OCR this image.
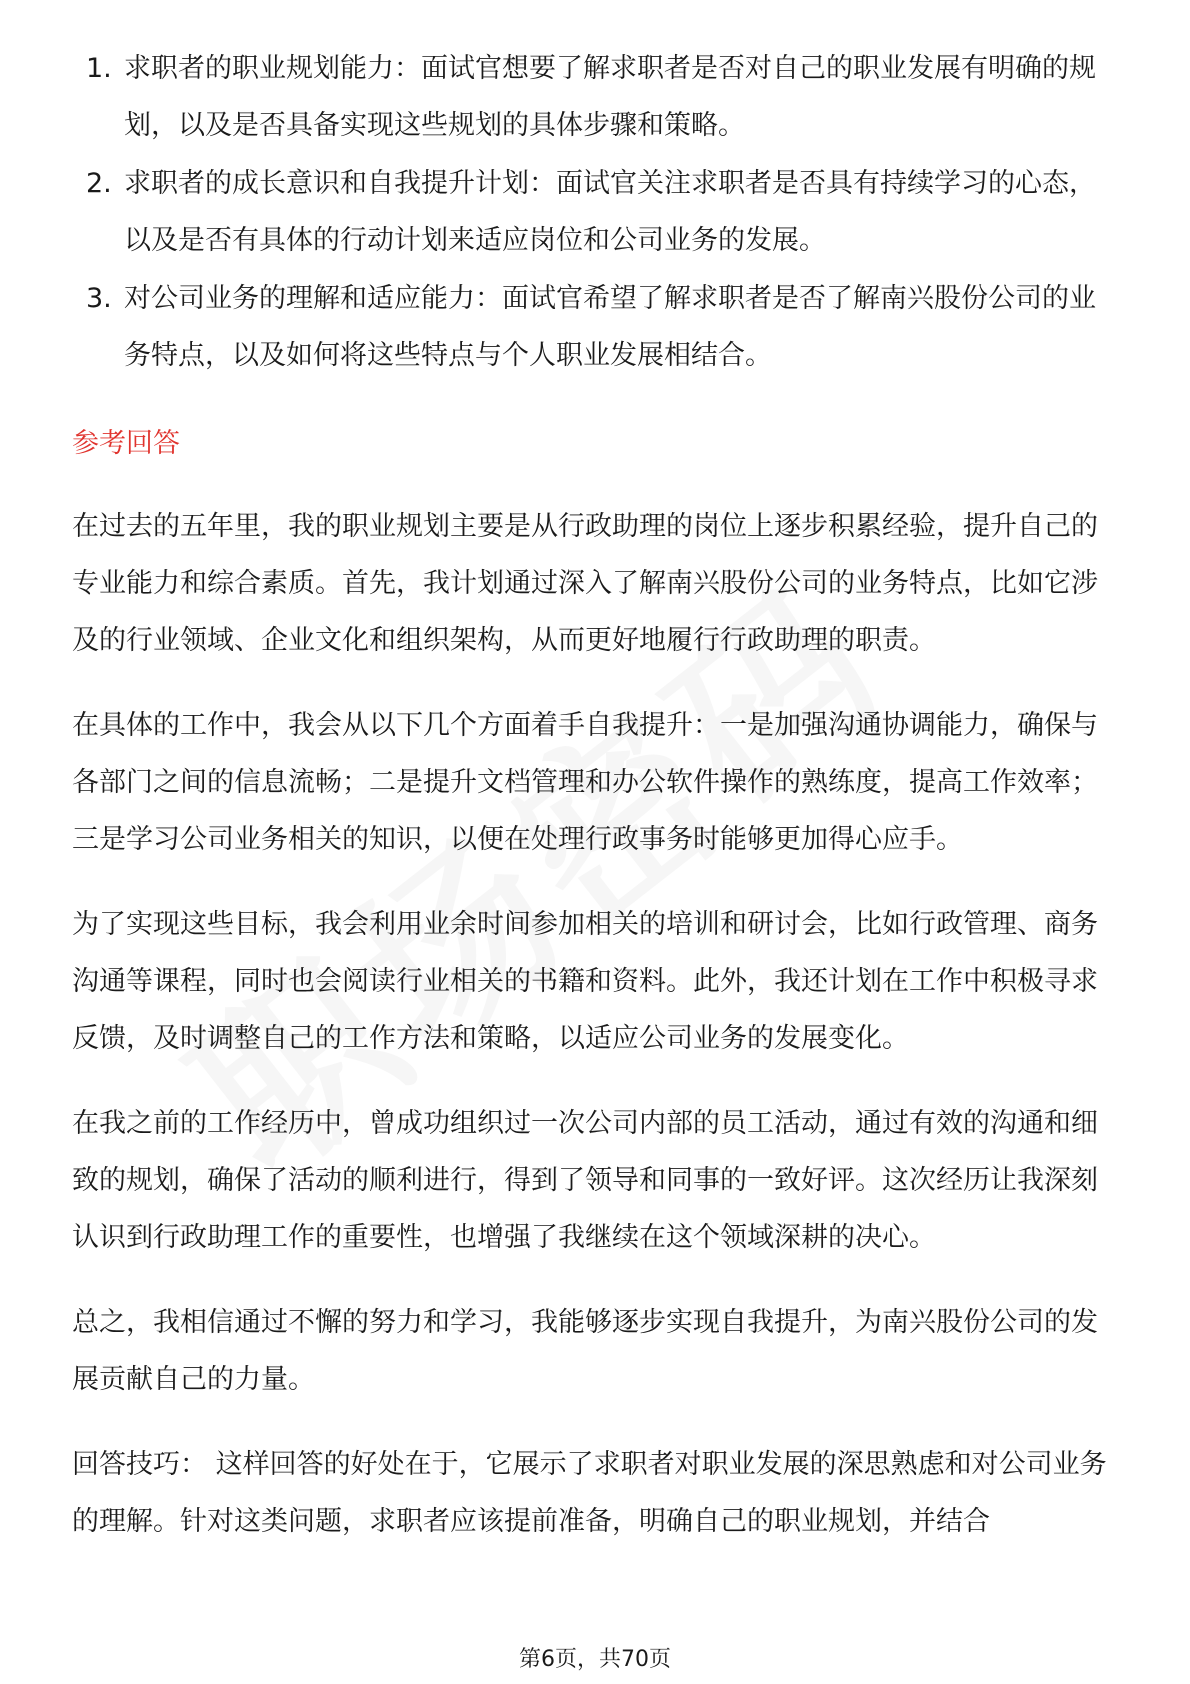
1. 求职者的职业规划能力：面试官想要了解求职者是否对自己的职业发展有明确的规划，以及是否具备实现这些规划的具体步骤和策略。
2. 求职者的成长意识和自我提升计划：面试官关注求职者是否具有持续学习的心态，以及是否有具体的行动计划来适应岗位和公司业务的发展。
3. 对公司业务的理解和适应能力：面试官希望了解求职者是否了解南兴股份公司的业务特点，以及如何将这些特点与个人职业发展相结合。
参考回答

在过去的五年里，我的职业规划主要是从行政助理的岗位上逐步积累经验，提升自己的专业能力和综合素质。首先，我计划通过深入了解南兴股份公司的业务特点，比如它涉及的行业领域、企业文化和组织架构，从而更好地履行行政助理的职责。

在具体的工作中，我会从以下几个方面着手自我提升：一是加强沟通协调能力，确保与各部门之间的信息流畅；二是提升文档管理和办公软件操作的熟练度，提高工作效率；三是学习公司业务相关的知识，以便在处理行政事务时能够更加得心应手。

为了实现这些目标，我会利用业余时间参加相关的培训和研讨会，比如行政管理、商务沟通等课程，同时也会阅读行业相关的书籍和资料。此外，我还计划在工作中积极寻求反馈，及时调整自己的工作方法和策略，以适应公司业务的发展变化。

在我之前的工作经历中，曾成功组织过一次公司内部的员工活动，通过有效的沟通和细致的规划，确保了活动的顺利进行，得到了领导和同事的一致好评。这次经历让我深刻认识到行政助理工作的重要性，也增强了我继续在这个领域深耕的决心。

总之，我相信通过不懈的努力和学习，我能够逐步实现自我提升，为南兴股份公司的发展贡献自己的力量。

回答技巧： 这样回答的好处在于，它展示了求职者对职业发展的深思熟虑和对公司业务的理解。针对这类问题，求职者应该提前准备，明确自己的职业规划，并结合

第6页，共70页
